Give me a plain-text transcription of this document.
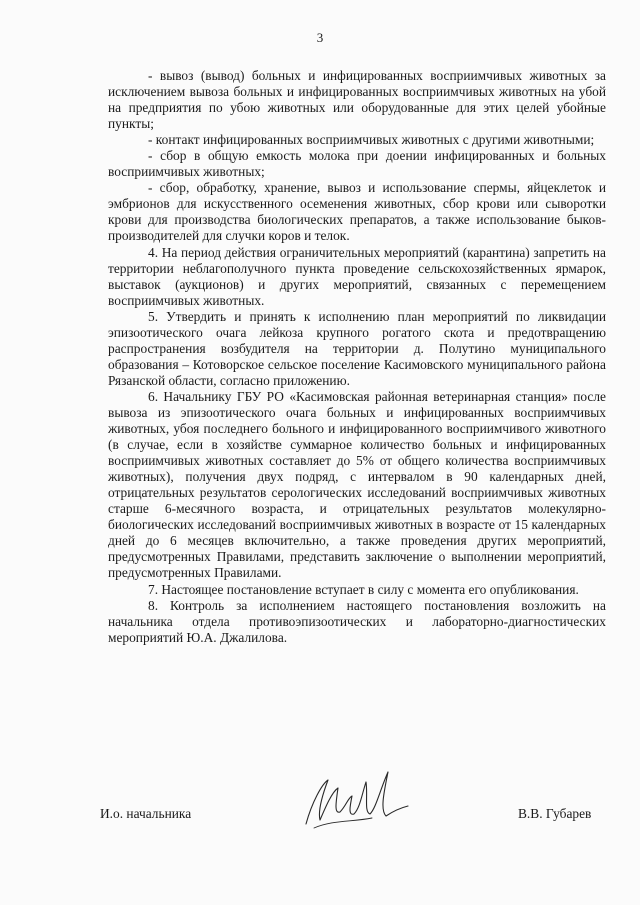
3

- вывоз (вывод) больных и инфицированных восприимчивых животных за исключением вывоза больных и инфицированных восприимчивых животных на убой на предприятия по убою животных или оборудованные для этих целей убойные пункты;

- контакт инфицированных восприимчивых животных с другими животными;

- сбор в общую емкость молока при доении инфицированных и больных восприимчивых животных;

- сбор, обработку, хранение, вывоз и использование спермы, яйцеклеток и эмбрионов для искусственного осеменения животных, сбор крови или сыворотки крови для производства биологических препаратов, а также использование быков-производителей для случки коров и телок.

4. На период действия ограничительных мероприятий (карантина) запретить на территории неблагополучного пункта проведение сельскохозяйственных ярмарок, выставок (аукционов) и других мероприятий, связанных с перемещением восприимчивых животных.

5. Утвердить и принять к исполнению план мероприятий по ликвидации эпизоотического очага лейкоза крупного рогатого скота и предотвращению распространения возбудителя на территории д. Полутино муниципального образования – Котоворское сельское поселение Касимовского муниципального района Рязанской области, согласно приложению.

6. Начальнику ГБУ РО «Касимовская районная ветеринарная станция» после вывоза из эпизоотического очага больных и инфицированных восприимчивых животных, убоя последнего больного и инфицированного восприимчивого животного (в случае, если в хозяйстве суммарное количество больных и инфицированных восприимчивых животных составляет до 5% от общего количества восприимчивых животных), получения двух подряд, с интервалом в 90 календарных дней, отрицательных результатов серологических исследований восприимчивых животных старше 6-месячного возраста, и отрицательных результатов молекулярно-биологических исследований восприимчивых животных в возрасте от 15 календарных дней до 6 месяцев включительно, а также проведения других мероприятий, предусмотренных Правилами, представить заключение о выполнении мероприятий, предусмотренных Правилами.

7. Настоящее постановление вступает в силу с момента его опубликования.

8. Контроль за исполнением настоящего постановления возложить на начальника отдела противоэпизоотических и лабораторно-диагностических мероприятий Ю.А. Джалилова.

И.о. начальника	В.В. Губарев
